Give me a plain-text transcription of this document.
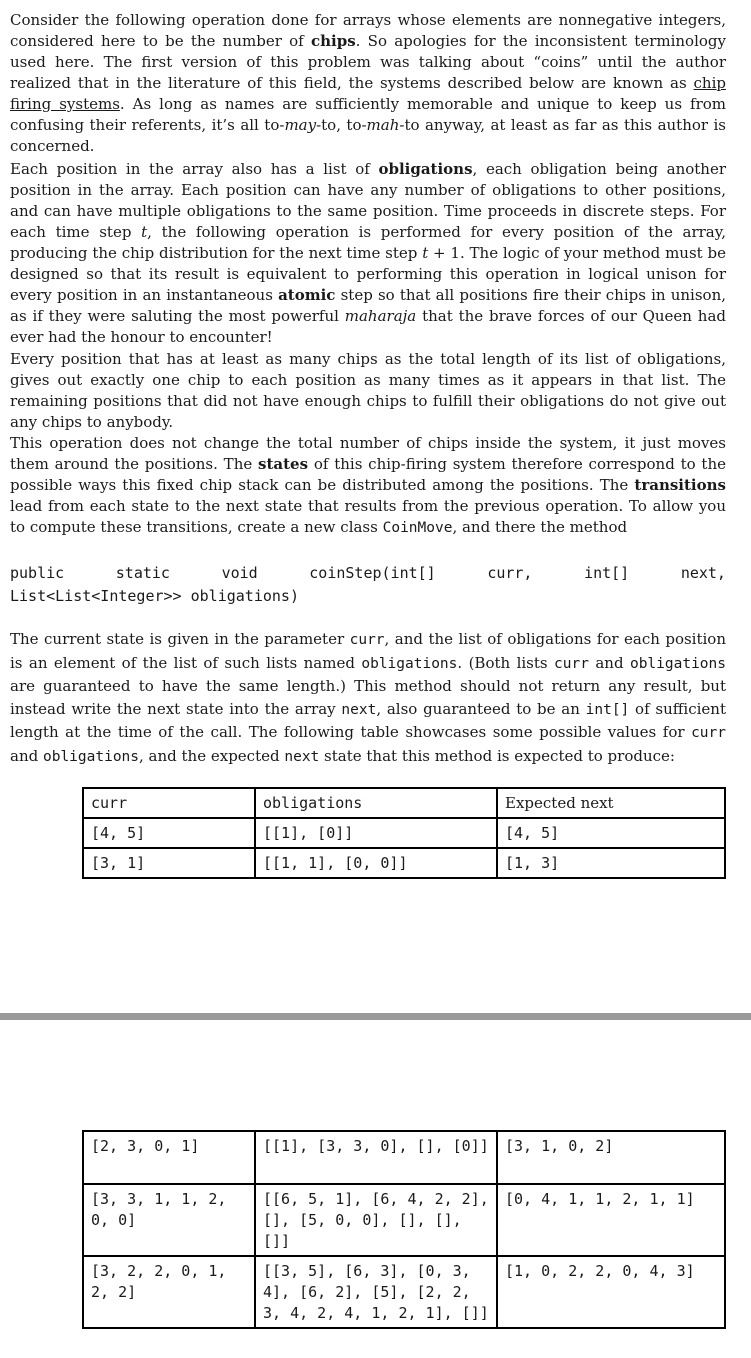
Consider the following operation done for arrays whose elements are nonnegative integers, considered here to be the number of chips. So apologies for the inconsistent terminology used here. The first version of this problem was talking about “coins” until the author realized that in the literature of this field, the systems described below are known as chip firing systems. As long as names are sufficiently memorable and unique to keep us from confusing their referents, it’s all to-may-to, to-mah-to anyway, at least as far as this author is concerned.

Each position in the array also has a list of obligations, each obligation being another position in the array. Each position can have any number of obligations to other positions, and can have multiple obligations to the same position. Time proceeds in discrete steps. For each time step t, the following operation is performed for every position of the array, producing the chip distribution for the next time step t + 1. The logic of your method must be designed so that its result is equivalent to performing this operation in logical unison for every position in an instantaneous atomic step so that all positions fire their chips in unison, as if they were saluting the most powerful maharaja that the brave forces of our Queen had ever had the honour to encounter!

Every position that has at least as many chips as the total length of its list of obligations, gives out exactly one chip to each position as many times as it appears in that list. The remaining positions that did not have enough chips to fulfill their obligations do not give out any chips to anybody.

This operation does not change the total number of chips inside the system, it just moves them around the positions. The states of this chip-firing system therefore correspond to the possible ways this fixed chip stack can be distributed among the positions. The transitions lead from each state to the next state that results from the previous operation. To allow you to compute these transitions, create a new class CoinMove, and there the method

public	static	void	coinStep(int[]	curr,	int[]	next,
List<List<Integer>> obligations)

The current state is given in the parameter curr, and the list of obligations for each position is an element of the list of such lists named obligations. (Both lists curr and obligations are guaranteed to have the same length.) This method should not return any result, but instead write the next state into the array next, also guaranteed to be an int[] of sufficient length at the time of the call. The following table showcases some possible values for curr and obligations, and the expected next state that this method is expected to produce:

curr	obligations	Expected next
[4, 5]	[[1], [0]]	[4, 5]
[3, 1]	[[1, 1], [0, 0]]	[1, 3]
[2, 3, 0, 1]	[[1], [3, 3, 0], [], [0]]	[3, 1, 0, 2]
[3, 3, 1, 1, 2, 0, 0]	[[6, 5, 1], [6, 4, 2, 2], [], [5, 0, 0], [], [], []]	[0, 4, 1, 1, 2, 1, 1]
[3, 2, 2, 0, 1, 2, 2]	[[3, 5], [6, 3], [0, 3, 4], [6, 2], [5], [2, 2, 3, 4, 2, 4, 1, 2, 1], []]	[1, 0, 2, 2, 0, 4, 3]
